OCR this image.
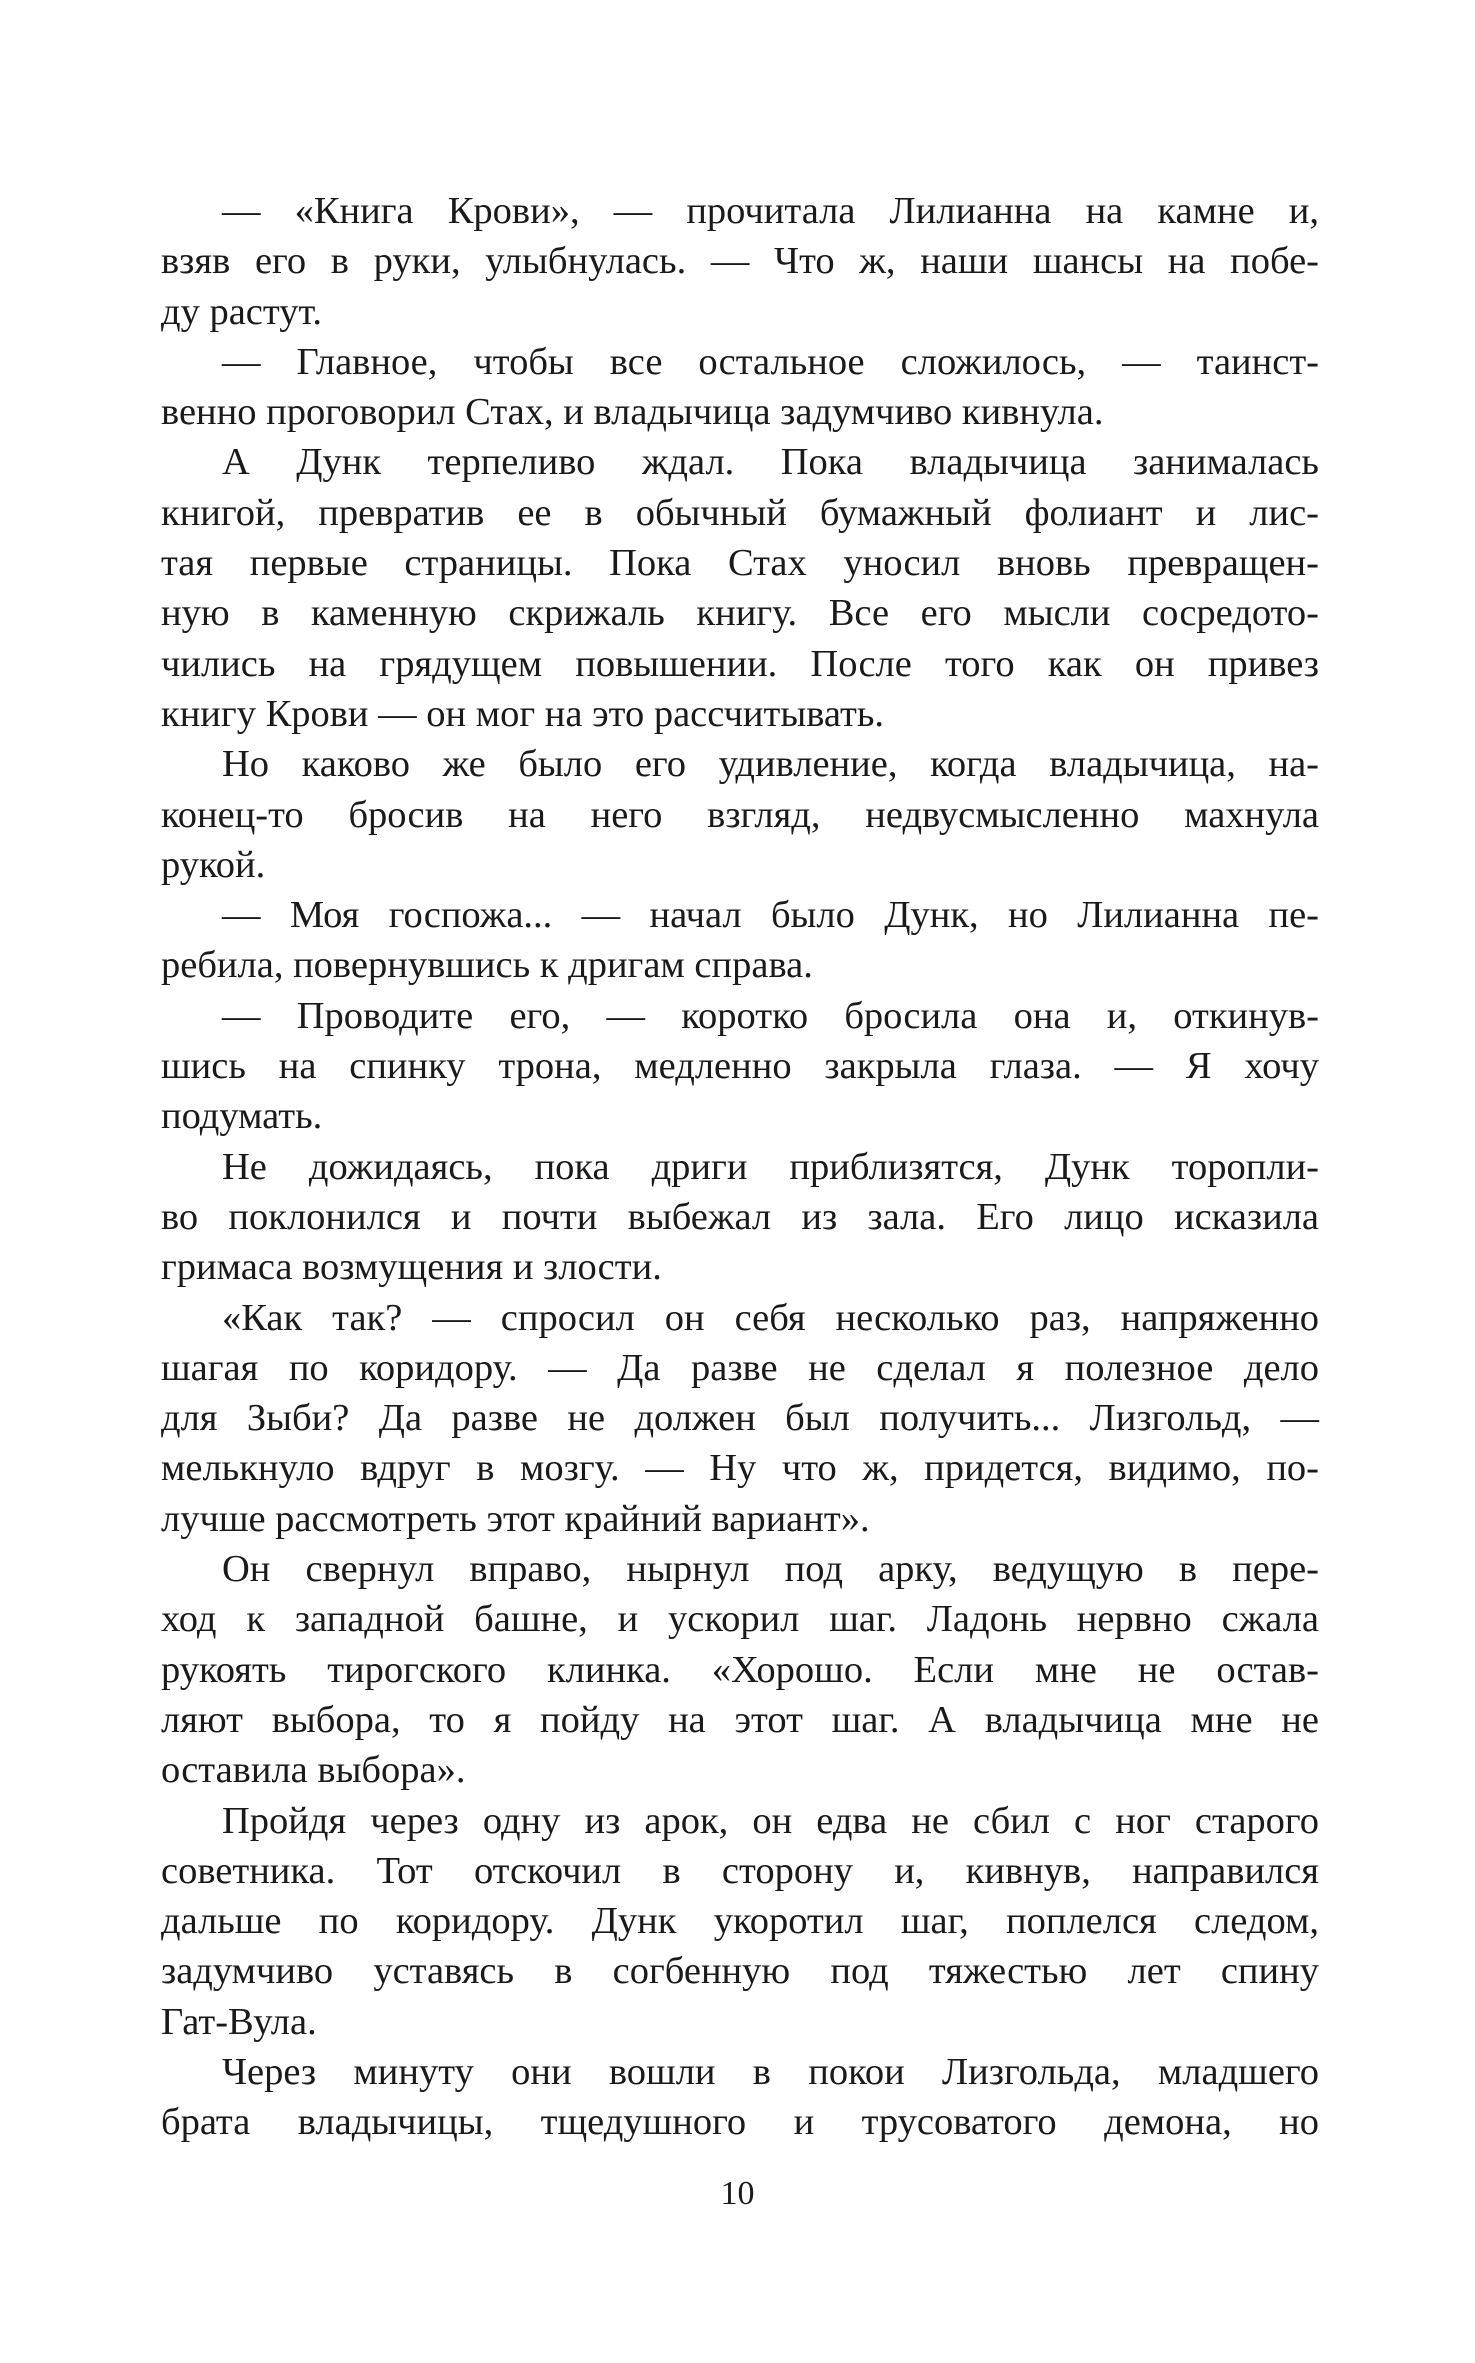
— «Книга Крови», — прочитала Лилианна на камне и,
взяв его в руки, улыбнулась. — Что ж, наши шансы на побе-
ду растут.
— Главное, чтобы все остальное сложилось, — таинст-
венно проговорил Стах, и владычица задумчиво кивнула.
А Дунк терпеливо ждал. Пока владычица занималась
книгой, превратив ее в обычный бумажный фолиант и лис-
тая первые страницы. Пока Стах уносил вновь превращен-
ную в каменную скрижаль книгу. Все его мысли сосредото-
чились на грядущем повышении. После того как он привез
книгу Крови — он мог на это рассчитывать.
Но каково же было его удивление, когда владычица, на-
конец-то бросив на него взгляд, недвусмысленно махнула
рукой.
— Моя госпожа... — начал было Дунк, но Лилианна пе-
ребила, повернувшись к дригам справа.
— Проводите его, — коротко бросила она и, откинув-
шись на спинку трона, медленно закрыла глаза. — Я хочу
подумать.
Не дожидаясь, пока дриги приблизятся, Дунк торопли-
во поклонился и почти выбежал из зала. Его лицо исказила
гримаса возмущения и злости.
«Как так? — спросил он себя несколько раз, напряженно
шагая по коридору. — Да разве не сделал я полезное дело
для Зыби? Да разве не должен был получить... Лизгольд, —
мелькнуло вдруг в мозгу. — Ну что ж, придется, видимо, по-
лучше рассмотреть этот крайний вариант».
Он свернул вправо, нырнул под арку, ведущую в пере-
ход к западной башне, и ускорил шаг. Ладонь нервно сжала
рукоять тирогского клинка. «Хорошо. Если мне не остав-
ляют выбора, то я пойду на этот шаг. А владычица мне не
оставила выбора».
Пройдя через одну из арок, он едва не сбил с ног старого
советника. Тот отскочил в сторону и, кивнув, направился
дальше по коридору. Дунк укоротил шаг, поплелся следом,
задумчиво уставясь в согбенную под тяжестью лет спину
Гат-Вула.
Через минуту они вошли в покои Лизгольда, младшего
брата владычицы, тщедушного и трусоватого демона, но
10
